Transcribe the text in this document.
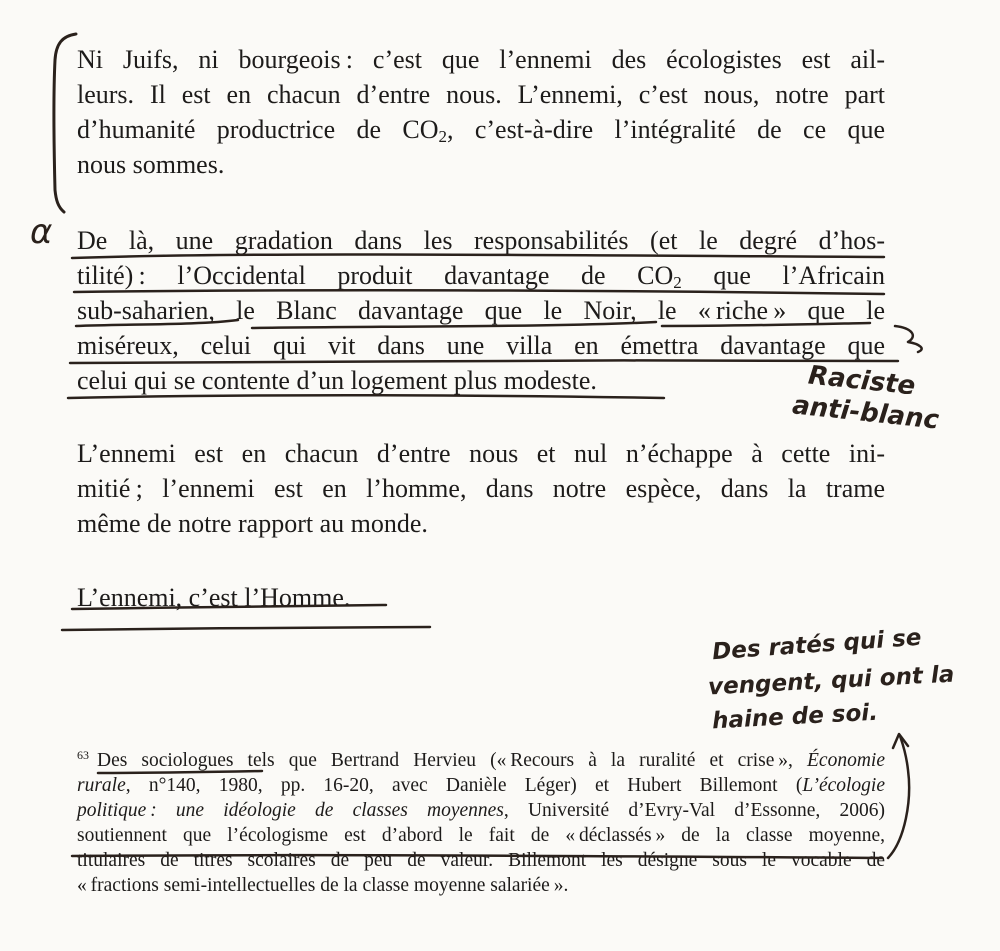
Ni Juifs, ni bourgeois : c’est que l’ennemi des écologistes est ail-
leurs. Il est en chacun d’entre nous. L’ennemi, c’est nous, notre part
d’humanité productrice de $CO_2$, c’est-à-dire l’intégralité de ce que
nous sommes.
De là, une gradation dans les responsabilités (et le degré d’hos-
tilité) : l’Occidental produit davantage de $CO_2$ que l’Africain
sub-saharien, le Blanc davantage que le Noir, le « riche » que le
miséreux, celui qui vit dans une villa en émettra davantage que
celui qui se contente d’un logement plus modeste.
L’ennemi est en chacun d’entre nous et nul n’échappe à cette ini-
mitié ; l’ennemi est en l’homme, dans notre espèce, dans la trame
même de notre rapport au monde.
L’ennemi, c’est l’Homme.
$^{63}$ Des sociologues tels que Bertrand Hervieu (« Recours à la ruralité et crise », Économie
rurale, n°140, 1980, pp. 16-20, avec Danièle Léger) et Hubert Billemont (L’écologie
politique : une idéologie de classes moyennes, Université d’Evry-Val d’Essonne, 2006)
soutiennent que l’écologisme est d’abord le fait de « déclassés » de la classe moyenne,
titulaires de titres scolaires de peu de valeur. Billemont les désigne sous le vocable de
« fractions semi-intellectuelles de la classe moyenne salariée ».
α
Raciste
anti-blanc
Des ratés qui se
vengent, qui ont la
haine de soi.
